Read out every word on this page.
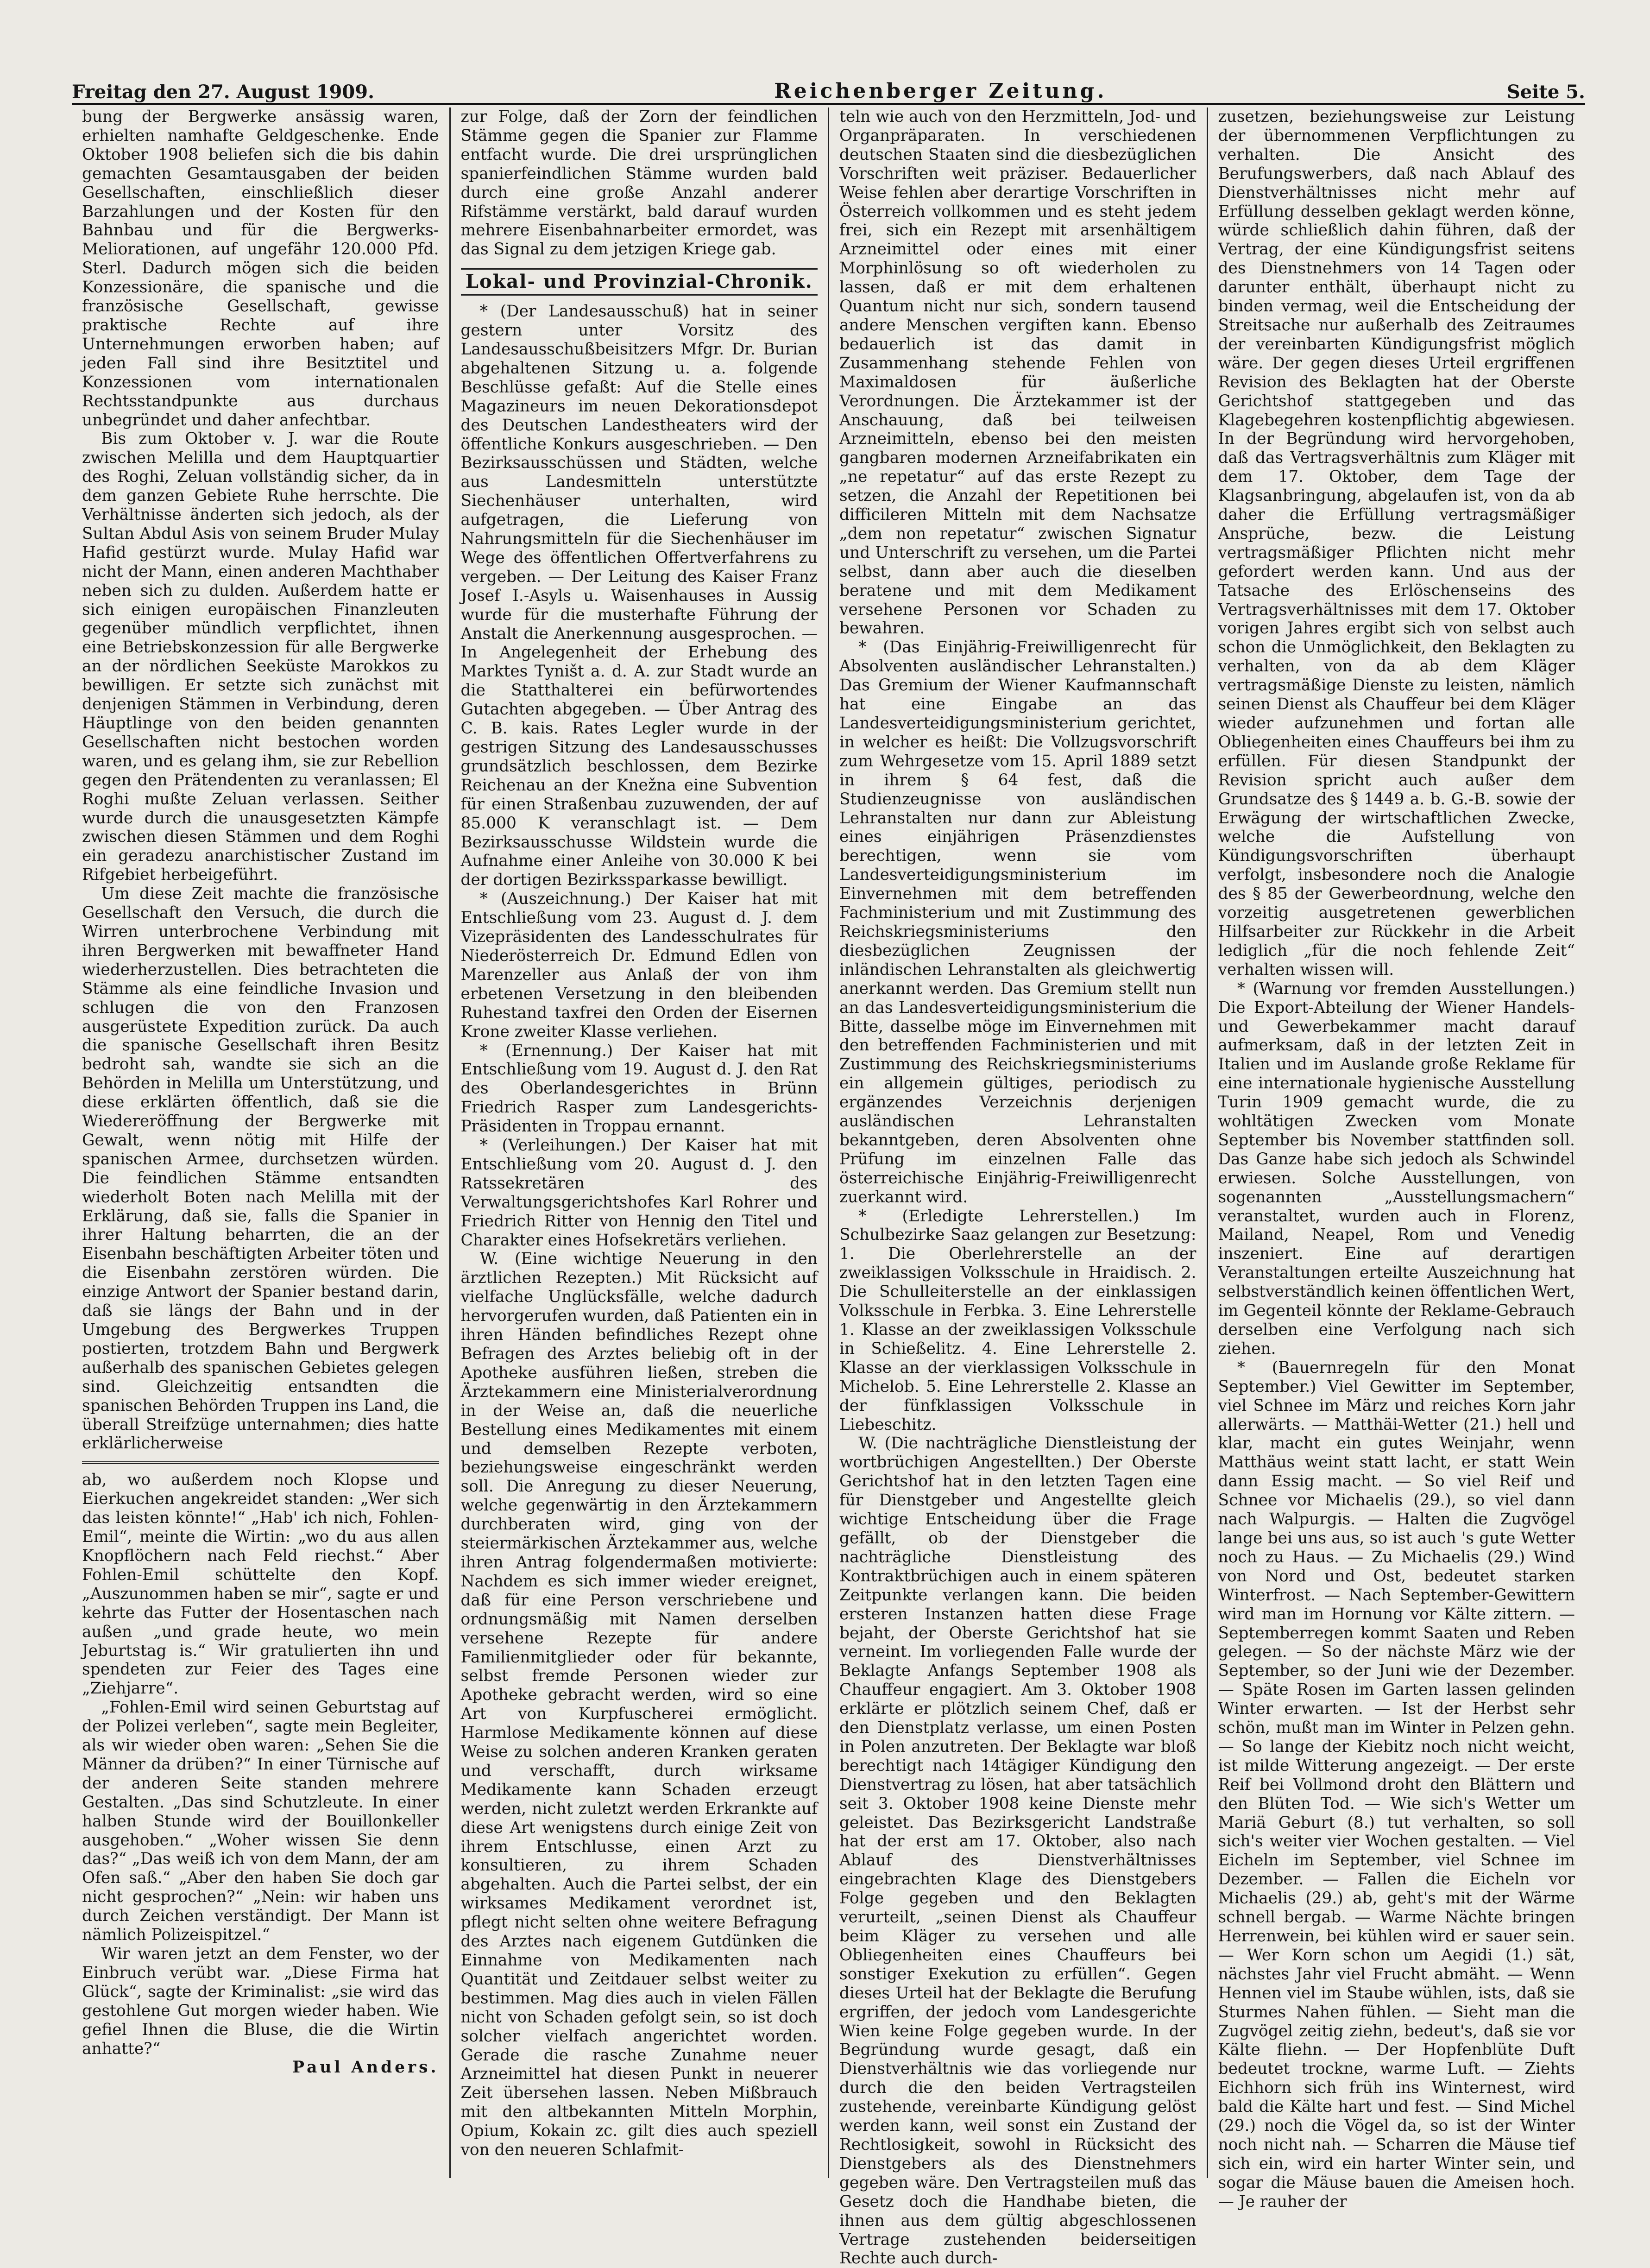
Freitag den 27. August 1909.	Reichenberger Zeitung.	Seite 5.

bung der Bergwerke ansässig waren, erhielten namhafte Geldgeschenke. Ende Oktober 1908 beliefen sich die bis dahin gemachten Gesamtausgaben der beiden Gesellschaften, einschließlich dieser Barzahlungen und der Kosten für den Bahnbau und für die Bergwerks-Meliorationen, auf ungefähr 120.000 Pfd. Sterl. Dadurch mögen sich die beiden Konzessionäre, die spanische und die französische Gesellschaft, gewisse praktische Rechte auf ihre Unternehmungen erworben haben; auf jeden Fall sind ihre Besitztitel und Konzessionen vom internationalen Rechtsstandpunkte aus durchaus unbegründet und daher anfechtbar.

Bis zum Oktober v. J. war die Route zwischen Melilla und dem Hauptquartier des Roghi, Zeluan vollständig sicher, da in dem ganzen Gebiete Ruhe herrschte. Die Verhältnisse änderten sich jedoch, als der Sultan Abdul Asis von seinem Bruder Mulay Hafid gestürzt wurde. Mulay Hafid war nicht der Mann, einen anderen Machthaber neben sich zu dulden. Außerdem hatte er sich einigen europäischen Finanzleuten gegenüber mündlich verpflichtet, ihnen eine Betriebskonzession für alle Bergwerke an der nördlichen Seeküste Marokkos zu bewilligen. Er setzte sich zunächst mit denjenigen Stämmen in Verbindung, deren Häuptlinge von den beiden genannten Gesellschaften nicht bestochen worden waren, und es gelang ihm, sie zur Rebellion gegen den Prätendenten zu veranlassen; El Roghi mußte Zeluan verlassen. Seither wurde durch die unausgesetzten Kämpfe zwischen diesen Stämmen und dem Roghi ein geradezu anarchistischer Zustand im Rifgebiet herbeigeführt.

Um diese Zeit machte die französische Gesellschaft den Versuch, die durch die Wirren unterbrochene Verbindung mit ihren Bergwerken mit bewaffneter Hand wiederherzustellen. Dies betrachteten die Stämme als eine feindliche Invasion und schlugen die von den Franzosen ausgerüstete Expedition zurück. Da auch die spanische Gesellschaft ihren Besitz bedroht sah, wandte sie sich an die Behörden in Melilla um Unterstützung, und diese erklärten öffentlich, daß sie die Wiedereröffnung der Bergwerke mit Gewalt, wenn nötig mit Hilfe der spanischen Armee, durchsetzen würden. Die feindlichen Stämme entsandten wiederholt Boten nach Melilla mit der Erklärung, daß sie, falls die Spanier in ihrer Haltung beharrten, die an der Eisenbahn beschäftigten Arbeiter töten und die Eisenbahn zerstören würden. Die einzige Antwort der Spanier bestand darin, daß sie längs der Bahn und in der Umgebung des Bergwerkes Truppen postierten, trotzdem Bahn und Bergwerk außerhalb des spanischen Gebietes gelegen sind. Gleichzeitig entsandten die spanischen Behörden Truppen ins Land, die überall Streifzüge unternahmen; dies hatte erklärlicherweise

ab, wo außerdem noch Klopse und Eierkuchen angekreidet standen: „Wer sich das leisten könnte!“ „Hab' ich nich, Fohlen-Emil“, meinte die Wirtin: „wo du aus allen Knopflöchern nach Feld riechst.“ Aber Fohlen-Emil schüttelte den Kopf. „Auszunommen haben se mir“, sagte er und kehrte das Futter der Hosentaschen nach außen „und grade heute, wo mein Jeburtstag is.“ Wir gratulierten ihn und spendeten zur Feier des Tages eine „Ziehjarre“.

„Fohlen-Emil wird seinen Geburtstag auf der Polizei verleben“, sagte mein Begleiter, als wir wieder oben waren: „Sehen Sie die Männer da drüben?“ In einer Türnische auf der anderen Seite standen mehrere Gestalten. „Das sind Schutzleute. In einer halben Stunde wird der Bouillonkeller ausgehoben.“ „Woher wissen Sie denn das?“ „Das weiß ich von dem Mann, der am Ofen saß.“ „Aber den haben Sie doch gar nicht gesprochen?“ „Nein: wir haben uns durch Zeichen verständigt. Der Mann ist nämlich Polizeispitzel.“

Wir waren jetzt an dem Fenster, wo der Einbruch verübt war. „Diese Firma hat Glück“, sagte der Kriminalist: „sie wird das gestohlene Gut morgen wieder haben. Wie gefiel Ihnen die Bluse, die die Wirtin anhatte?“

Paul Anders.

zur Folge, daß der Zorn der feindlichen Stämme gegen die Spanier zur Flamme entfacht wurde. Die drei ursprünglichen spanierfeindlichen Stämme wurden bald durch eine große Anzahl anderer Rifstämme verstärkt, bald darauf wurden mehrere Eisenbahnarbeiter ermordet, was das Signal zu dem jetzigen Kriege gab.

Lokal- und Provinzial-Chronik.

* (Der Landesausschuß) hat in seiner gestern unter Vorsitz des Landesausschußbeisitzers Mfgr. Dr. Burian abgehaltenen Sitzung u. a. folgende Beschlüsse gefaßt: Auf die Stelle eines Magazineurs im neuen Dekorationsdepot des Deutschen Landestheaters wird der öffentliche Konkurs ausgeschrieben. — Den Bezirksausschüssen und Städten, welche aus Landesmitteln unterstützte Siechenhäuser unterhalten, wird aufgetragen, die Lieferung von Nahrungsmitteln für die Siechenhäuser im Wege des öffentlichen Offertverfahrens zu vergeben. — Der Leitung des Kaiser Franz Josef I.-Asyls u. Waisenhauses in Aussig wurde für die musterhafte Führung der Anstalt die Anerkennung ausgesprochen. — In Angelegenheit der Erhebung des Marktes Tyništ a. d. A. zur Stadt wurde an die Statthalterei ein befürwortendes Gutachten abgegeben. — Über Antrag des C. B. kais. Rates Legler wurde in der gestrigen Sitzung des Landesausschusses grundsätzlich beschlossen, dem Bezirke Reichenau an der Knežna eine Subvention für einen Straßenbau zuzuwenden, der auf 85.000 K veranschlagt ist. — Dem Bezirksausschusse Wildstein wurde die Aufnahme einer Anleihe von 30.000 K bei der dortigen Bezirkssparkasse bewilligt.

* (Auszeichnung.) Der Kaiser hat mit Entschließung vom 23. August d. J. dem Vizepräsidenten des Landesschulrates für Niederösterreich Dr. Edmund Edlen von Marenzeller aus Anlaß der von ihm erbetenen Versetzung in den bleibenden Ruhestand taxfrei den Orden der Eisernen Krone zweiter Klasse verliehen.

* (Ernennung.) Der Kaiser hat mit Entschließung vom 19. August d. J. den Rat des Oberlandesgerichtes in Brünn Friedrich Rasper zum Landesgerichts-Präsidenten in Troppau ernannt.

* (Verleihungen.) Der Kaiser hat mit Entschließung vom 20. August d. J. den Ratssekretären des Verwaltungsgerichtshofes Karl Rohrer und Friedrich Ritter von Hennig den Titel und Charakter eines Hofsekretärs verliehen.

W. (Eine wichtige Neuerung in den ärztlichen Rezepten.) Mit Rücksicht auf vielfache Unglücksfälle, welche dadurch hervorgerufen wurden, daß Patienten ein in ihren Händen befindliches Rezept ohne Befragen des Arztes beliebig oft in der Apotheke ausführen ließen, streben die Ärztekammern eine Ministerialverordnung in der Weise an, daß die neuerliche Bestellung eines Medikamentes mit einem und demselben Rezepte verboten, beziehungsweise eingeschränkt werden soll. Die Anregung zu dieser Neuerung, welche gegenwärtig in den Ärztekammern durchberaten wird, ging von der steiermärkischen Ärztekammer aus, welche ihren Antrag folgendermaßen motivierte: Nachdem es sich immer wieder ereignet, daß für eine Person verschriebene und ordnungsmäßig mit Namen derselben versehene Rezepte für andere Familienmitglieder oder für bekannte, selbst fremde Personen wieder zur Apotheke gebracht werden, wird so eine Art von Kurpfuscherei ermöglicht. Harmlose Medikamente können auf diese Weise zu solchen anderen Kranken geraten und verschafft, durch wirksame Medikamente kann Schaden erzeugt werden, nicht zuletzt werden Erkrankte auf diese Art wenigstens durch einige Zeit von ihrem Entschlusse, einen Arzt zu konsultieren, zu ihrem Schaden abgehalten. Auch die Partei selbst, der ein wirksames Medikament verordnet ist, pflegt nicht selten ohne weitere Befragung des Arztes nach eigenem Gutdünken die Einnahme von Medikamenten nach Quantität und Zeitdauer selbst weiter zu bestimmen. Mag dies auch in vielen Fällen nicht von Schaden gefolgt sein, so ist doch solcher vielfach angerichtet worden. Gerade die rasche Zunahme neuer Arzneimittel hat diesen Punkt in neuerer Zeit übersehen lassen. Neben Mißbrauch mit den altbekannten Mitteln Morphin, Opium, Kokain zc. gilt dies auch speziell von den neueren Schlafmit-

teln wie auch von den Herzmitteln, Jod- und Organpräparaten. In verschiedenen deutschen Staaten sind die diesbezüglichen Vorschriften weit präziser. Bedauerlicher Weise fehlen aber derartige Vorschriften in Österreich vollkommen und es steht jedem frei, sich ein Rezept mit arsenhältigem Arzneimittel oder eines mit einer Morphinlösung so oft wiederholen zu lassen, daß er mit dem erhaltenen Quantum nicht nur sich, sondern tausend andere Menschen vergiften kann. Ebenso bedauerlich ist das damit in Zusammenhang stehende Fehlen von Maximaldosen für äußerliche Verordnungen. Die Ärztekammer ist der Anschauung, daß bei teilweisen Arzneimitteln, ebenso bei den meisten gangbaren modernen Arzneifabrikaten ein „ne repetatur“ auf das erste Rezept zu setzen, die Anzahl der Repetitionen bei difficileren Mitteln mit dem Nachsatze „dem non repetatur“ zwischen Signatur und Unterschrift zu versehen, um die Partei selbst, dann aber auch die dieselben beratene und mit dem Medikament versehene Personen vor Schaden zu bewahren.

* (Das Einjährig-Freiwilligenrecht für Absolventen ausländischer Lehranstalten.) Das Gremium der Wiener Kaufmannschaft hat eine Eingabe an das Landesverteidigungsministerium gerichtet, in welcher es heißt: Die Vollzugsvorschrift zum Wehrgesetze vom 15. April 1889 setzt in ihrem § 64 fest, daß die Studienzeugnisse von ausländischen Lehranstalten nur dann zur Ableistung eines einjährigen Präsenzdienstes berechtigen, wenn sie vom Landesverteidigungsministerium im Einvernehmen mit dem betreffenden Fachministerium und mit Zustimmung des Reichskriegsministeriums den diesbezüglichen Zeugnissen der inländischen Lehranstalten als gleichwertig anerkannt werden. Das Gremium stellt nun an das Landesverteidigungsministerium die Bitte, dasselbe möge im Einvernehmen mit den betreffenden Fachministerien und mit Zustimmung des Reichskriegsministeriums ein allgemein gültiges, periodisch zu ergänzendes Verzeichnis derjenigen ausländischen Lehranstalten bekanntgeben, deren Absolventen ohne Prüfung im einzelnen Falle das österreichische Einjährig-Freiwilligenrecht zuerkannt wird.

* (Erledigte Lehrerstellen.) Im Schulbezirke Saaz gelangen zur Besetzung: 1. Die Oberlehrerstelle an der zweiklassigen Volksschule in Hraidisch. 2. Die Schulleiterstelle an der einklassigen Volksschule in Ferbka. 3. Eine Lehrerstelle 1. Klasse an der zweiklassigen Volksschule in Schießelitz. 4. Eine Lehrerstelle 2. Klasse an der vierklassigen Volksschule in Michelob. 5. Eine Lehrerstelle 2. Klasse an der fünfklassigen Volksschule in Liebeschitz.

W. (Die nachträgliche Dienstleistung der wortbrüchigen Angestellten.) Der Oberste Gerichtshof hat in den letzten Tagen eine für Dienstgeber und Angestellte gleich wichtige Entscheidung über die Frage gefällt, ob der Dienstgeber die nachträgliche Dienstleistung des Kontraktbrüchigen auch in einem späteren Zeitpunkte verlangen kann. Die beiden ersteren Instanzen hatten diese Frage bejaht, der Oberste Gerichtshof hat sie verneint. Im vorliegenden Falle wurde der Beklagte Anfangs September 1908 als Chauffeur engagiert. Am 3. Oktober 1908 erklärte er plötzlich seinem Chef, daß er den Dienstplatz verlasse, um einen Posten in Polen anzutreten. Der Beklagte war bloß berechtigt nach 14tägiger Kündigung den Dienstvertrag zu lösen, hat aber tatsächlich seit 3. Oktober 1908 keine Dienste mehr geleistet. Das Bezirksgericht Landstraße hat der erst am 17. Oktober, also nach Ablauf des Dienstverhältnisses eingebrachten Klage des Dienstgebers Folge gegeben und den Beklagten verurteilt, „seinen Dienst als Chauffeur beim Kläger zu versehen und alle Obliegenheiten eines Chauffeurs bei sonstiger Exekution zu erfüllen“. Gegen dieses Urteil hat der Beklagte die Berufung ergriffen, der jedoch vom Landesgerichte Wien keine Folge gegeben wurde. In der Begründung wurde gesagt, daß ein Dienstverhältnis wie das vorliegende nur durch die den beiden Vertragsteilen zustehende, vereinbarte Kündigung gelöst werden kann, weil sonst ein Zustand der Rechtlosigkeit, sowohl in Rücksicht des Dienstgebers als des Dienstnehmers gegeben wäre. Den Vertragsteilen muß das Gesetz doch die Handhabe bieten, die ihnen aus dem gültig abgeschlossenen Vertrage zustehenden beiderseitigen Rechte auch durch-

zusetzen, beziehungsweise zur Leistung der übernommenen Verpflichtungen zu verhalten. Die Ansicht des Berufungswerbers, daß nach Ablauf des Dienstverhältnisses nicht mehr auf Erfüllung desselben geklagt werden könne, würde schließlich dahin führen, daß der Vertrag, der eine Kündigungsfrist seitens des Dienstnehmers von 14 Tagen oder darunter enthält, überhaupt nicht zu binden vermag, weil die Entscheidung der Streitsache nur außerhalb des Zeitraumes der vereinbarten Kündigungsfrist möglich wäre. Der gegen dieses Urteil ergriffenen Revision des Beklagten hat der Oberste Gerichtshof stattgegeben und das Klagebegehren kostenpflichtig abgewiesen. In der Begründung wird hervorgehoben, daß das Vertragsverhältnis zum Kläger mit dem 17. Oktober, dem Tage der Klagsanbringung, abgelaufen ist, von da ab daher die Erfüllung vertragsmäßiger Ansprüche, bezw. die Leistung vertragsmäßiger Pflichten nicht mehr gefordert werden kann. Und aus der Tatsache des Erlöschenseins des Vertragsverhältnisses mit dem 17. Oktober vorigen Jahres ergibt sich von selbst auch schon die Unmöglichkeit, den Beklagten zu verhalten, von da ab dem Kläger vertragsmäßige Dienste zu leisten, nämlich seinen Dienst als Chauffeur bei dem Kläger wieder aufzunehmen und fortan alle Obliegenheiten eines Chauffeurs bei ihm zu erfüllen. Für diesen Standpunkt der Revision spricht auch außer dem Grundsatze des § 1449 a. b. G.-B. sowie der Erwägung der wirtschaftlichen Zwecke, welche die Aufstellung von Kündigungsvorschriften überhaupt verfolgt, insbesondere noch die Analogie des § 85 der Gewerbeordnung, welche den vorzeitig ausgetretenen gewerblichen Hilfsarbeiter zur Rückkehr in die Arbeit lediglich „für die noch fehlende Zeit“ verhalten wissen will.

* (Warnung vor fremden Ausstellungen.) Die Export-Abteilung der Wiener Handels- und Gewerbekammer macht darauf aufmerksam, daß in der letzten Zeit in Italien und im Auslande große Reklame für eine internationale hygienische Ausstellung Turin 1909 gemacht wurde, die zu wohltätigen Zwecken vom Monate September bis November stattfinden soll. Das Ganze habe sich jedoch als Schwindel erwiesen. Solche Ausstellungen, von sogenannten „Ausstellungsmachern“ veranstaltet, wurden auch in Florenz, Mailand, Neapel, Rom und Venedig inszeniert. Eine auf derartigen Veranstaltungen erteilte Auszeichnung hat selbstverständlich keinen öffentlichen Wert, im Gegenteil könnte der Reklame-Gebrauch derselben eine Verfolgung nach sich ziehen.

* (Bauernregeln für den Monat September.) Viel Gewitter im September, viel Schnee im März und reiches Korn jahr allerwärts. — Matthäi-Wetter (21.) hell und klar, macht ein gutes Weinjahr, wenn Matthäus weint statt lacht, er statt Wein dann Essig macht. — So viel Reif und Schnee vor Michaelis (29.), so viel dann nach Walpurgis. — Halten die Zugvögel lange bei uns aus, so ist auch 's gute Wetter noch zu Haus. — Zu Michaelis (29.) Wind von Nord und Ost, bedeutet starken Winterfrost. — Nach September-Gewittern wird man im Hornung vor Kälte zittern. — Septemberregen kommt Saaten und Reben gelegen. — So der nächste März wie der September, so der Juni wie der Dezember. — Späte Rosen im Garten lassen gelinden Winter erwarten. — Ist der Herbst sehr schön, mußt man im Winter in Pelzen gehn. — So lange der Kiebitz noch nicht weicht, ist milde Witterung angezeigt. — Der erste Reif bei Vollmond droht den Blättern und den Blüten Tod. — Wie sich's Wetter um Mariä Geburt (8.) tut verhalten, so soll sich's weiter vier Wochen gestalten. — Viel Eicheln im September, viel Schnee im Dezember. — Fallen die Eicheln vor Michaelis (29.) ab, geht's mit der Wärme schnell bergab. — Warme Nächte bringen Herrenwein, bei kühlen wird er sauer sein. — Wer Korn schon um Aegidi (1.) sät, nächstes Jahr viel Frucht abmäht. — Wenn Hennen viel im Staube wühlen, ists, daß sie Sturmes Nahen fühlen. — Sieht man die Zugvögel zeitig ziehn, bedeut's, daß sie vor Kälte fliehn. — Der Hopfenblüte Duft bedeutet trockne, warme Luft. — Ziehts Eichhorn sich früh ins Winternest, wird bald die Kälte hart und fest. — Sind Michel (29.) noch die Vögel da, so ist der Winter noch nicht nah. — Scharren die Mäuse tief sich ein, wird ein harter Winter sein, und sogar die Mäuse bauen die Ameisen hoch. — Je rauher der
